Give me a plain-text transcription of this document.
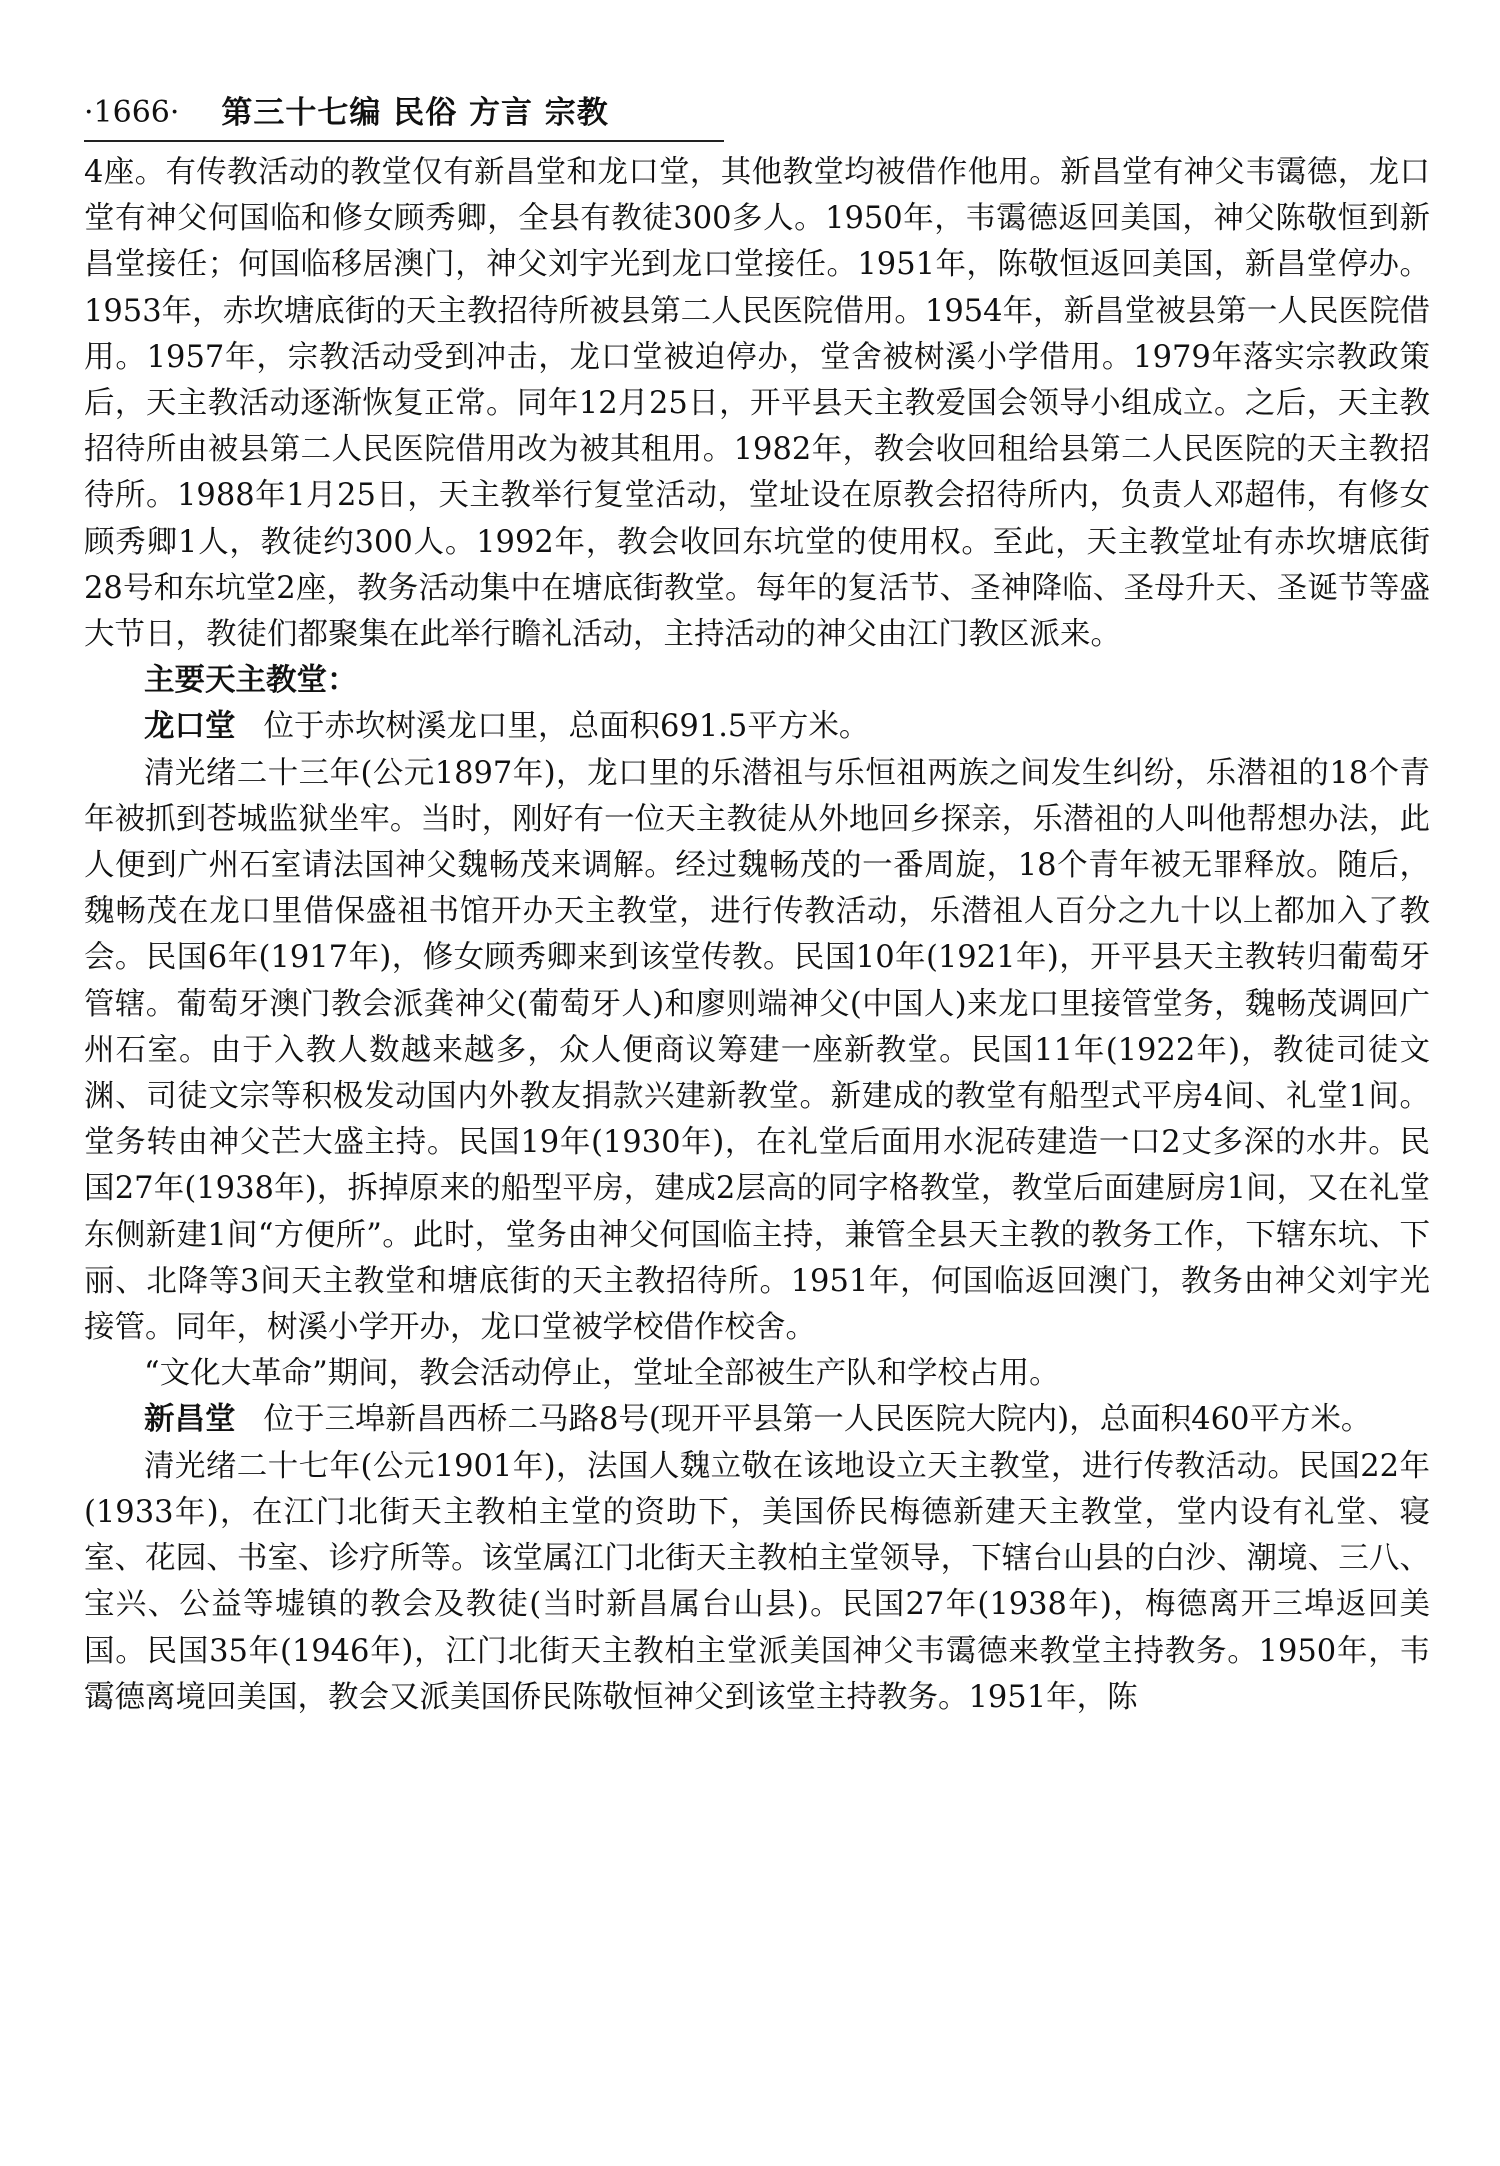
·1666· 第三十七编 民俗 方言 宗教

4座。有传教活动的教堂仅有新昌堂和龙口堂，其他教堂均被借作他用。新昌堂有神父韦霭德，龙口堂有神父何国临和修女顾秀卿，全县有教徒300多人。1950年，韦霭德返回美国，神父陈敬恒到新昌堂接任；何国临移居澳门，神父刘宇光到龙口堂接任。1951年，陈敬恒返回美国，新昌堂停办。1953年，赤坎塘底街的天主教招待所被县第二人民医院借用。1954年，新昌堂被县第一人民医院借用。1957年，宗教活动受到冲击，龙口堂被迫停办，堂舍被树溪小学借用。1979年落实宗教政策后，天主教活动逐渐恢复正常。同年12月25日，开平县天主教爱国会领导小组成立。之后，天主教招待所由被县第二人民医院借用改为被其租用。1982年，教会收回租给县第二人民医院的天主教招待所。1988年1月25日，天主教举行复堂活动，堂址设在原教会招待所内，负责人邓超伟，有修女顾秀卿1人，教徒约300人。1992年，教会收回东坑堂的使用权。至此，天主教堂址有赤坎塘底街28号和东坑堂2座，教务活动集中在塘底街教堂。每年的复活节、圣神降临、圣母升天、圣诞节等盛大节日，教徒们都聚集在此举行瞻礼活动，主持活动的神父由江门教区派来。

主要天主教堂：

龙口堂 位于赤坎树溪龙口里，总面积691.5平方米。

清光绪二十三年(公元1897年)，龙口里的乐潜祖与乐恒祖两族之间发生纠纷，乐潜祖的18个青年被抓到苍城监狱坐牢。当时，刚好有一位天主教徒从外地回乡探亲，乐潜祖的人叫他帮想办法，此人便到广州石室请法国神父魏畅茂来调解。经过魏畅茂的一番周旋，18个青年被无罪释放。随后，魏畅茂在龙口里借保盛祖书馆开办天主教堂，进行传教活动，乐潜祖人百分之九十以上都加入了教会。民国6年(1917年)，修女顾秀卿来到该堂传教。民国10年(1921年)，开平县天主教转归葡萄牙管辖。葡萄牙澳门教会派龚神父(葡萄牙人)和廖则端神父(中国人)来龙口里接管堂务，魏畅茂调回广州石室。由于入教人数越来越多，众人便商议筹建一座新教堂。民国11年(1922年)，教徒司徒文渊、司徒文宗等积极发动国内外教友捐款兴建新教堂。新建成的教堂有船型式平房4间、礼堂1间。堂务转由神父芒大盛主持。民国19年(1930年)，在礼堂后面用水泥砖建造一口2丈多深的水井。民国27年(1938年)，拆掉原来的船型平房，建成2层高的同字格教堂，教堂后面建厨房1间，又在礼堂东侧新建1间“方便所”。此时，堂务由神父何国临主持，兼管全县天主教的教务工作，下辖东坑、下丽、北降等3间天主教堂和塘底街的天主教招待所。1951年，何国临返回澳门，教务由神父刘宇光接管。同年，树溪小学开办，龙口堂被学校借作校舍。

“文化大革命”期间，教会活动停止，堂址全部被生产队和学校占用。

新昌堂 位于三埠新昌西桥二马路8号(现开平县第一人民医院大院内)，总面积460平方米。

清光绪二十七年(公元1901年)，法国人魏立敬在该地设立天主教堂，进行传教活动。民国22年(1933年)，在江门北街天主教柏主堂的资助下，美国侨民梅德新建天主教堂，堂内设有礼堂、寝室、花园、书室、诊疗所等。该堂属江门北街天主教柏主堂领导，下辖台山县的白沙、潮境、三八、宝兴、公益等墟镇的教会及教徒(当时新昌属台山县)。民国27年(1938年)，梅德离开三埠返回美国。民国35年(1946年)，江门北街天主教柏主堂派美国神父韦霭德来教堂主持教务。1950年，韦霭德离境回美国，教会又派美国侨民陈敬恒神父到该堂主持教务。1951年，陈
